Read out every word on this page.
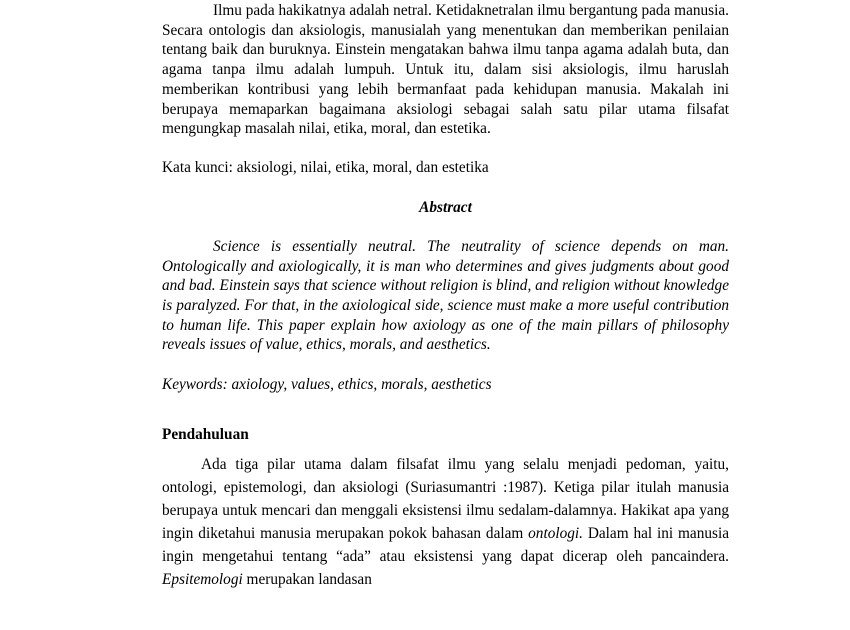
Ilmu pada hakikatnya adalah netral. Ketidaknetralan ilmu bergantung pada manusia. Secara ontologis dan aksiologis, manusialah yang menentukan dan memberikan penilaian tentang baik dan buruknya. Einstein mengatakan bahwa ilmu tanpa agama adalah buta, dan agama tanpa ilmu adalah lumpuh. Untuk itu, dalam sisi aksiologis, ilmu haruslah memberikan kontribusi yang lebih bermanfaat pada kehidupan manusia. Makalah ini berupaya memaparkan bagaimana aksiologi sebagai salah satu pilar utama filsafat mengungkap masalah nilai, etika, moral, dan estetika.

Kata kunci: aksiologi, nilai, etika, moral, dan estetika

Abstract

Science is essentially neutral. The neutrality of science depends on man. Ontologically and axiologically, it is man who determines and gives judgments about good and bad. Einstein says that science without religion is blind, and religion without knowledge is paralyzed. For that, in the axiological side, science must make a more useful contribution to human life. This paper explain how axiology as one of the main pillars of philosophy reveals issues of value, ethics, morals, and aesthetics.

Keywords: axiology, values, ethics, morals, aesthetics

Pendahuluan

Ada tiga pilar utama dalam filsafat ilmu yang selalu menjadi pedoman, yaitu, ontologi, epistemologi, dan aksiologi (Suriasumantri :1987). Ketiga pilar itulah manusia berupaya untuk mencari dan menggali eksistensi ilmu sedalam-dalamnya. Hakikat apa yang ingin diketahui manusia merupakan pokok bahasan dalam ontologi. Dalam hal ini manusia ingin mengetahui tentang “ada” atau eksistensi yang dapat dicerap oleh pancaindera. Epsitemologi merupakan landasan
